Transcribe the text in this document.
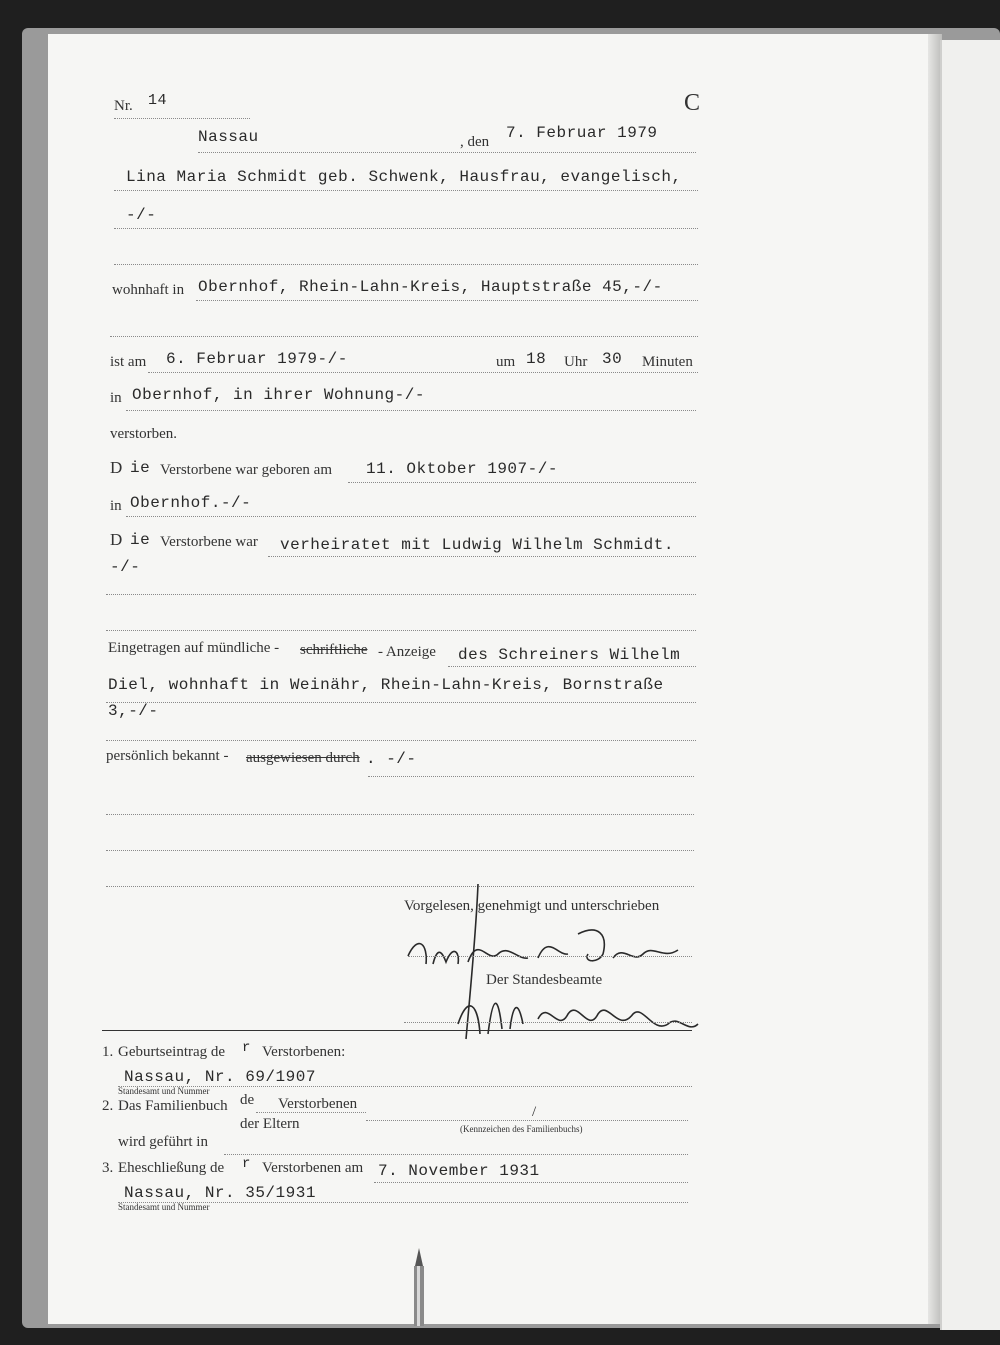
Nr. 14	C
Nassau	, den 7. Februar 1979
Lina Maria Schmidt geb. Schwenk, Hausfrau, evangelisch,
-/-
wohnhaft in Obernhof, Rhein-Lahn-Kreis, Hauptstraße 45,-/-
ist am 6. Februar 1979-/-	um 18 Uhr 30 Minuten
in Obernhof, in ihrer Wohnung-/-
verstorben.
D ie Verstorbene war geboren am 11. Oktober 1907-/-
in Obernhof.-/-
D ie Verstorbene war verheiratet mit Ludwig Wilhelm Schmidt.
-/-
Eingetragen auf mündliche - schriftliche - Anzeige des Schreiners Wilhelm
Diel, wohnhaft in Weinähr, Rhein-Lahn-Kreis, Bornstraße
3,-/-
persönlich bekannt - ausgewiesen durch . -/-
Vorgelesen, genehmigt und unterschrieben
Der Standesbeamte
1. Geburtseintrag de r Verstorbenen:
Nassau, Nr. 69/1907
Standesamt und Nummer
2. Das Familienbuch de Verstorbenen
der Eltern
/
(Kennzeichen des Familienbuchs)
wird geführt in
3. Eheschließung de r Verstorbenen am 7. November 1931
Nassau, Nr. 35/1931
Standesamt und Nummer
